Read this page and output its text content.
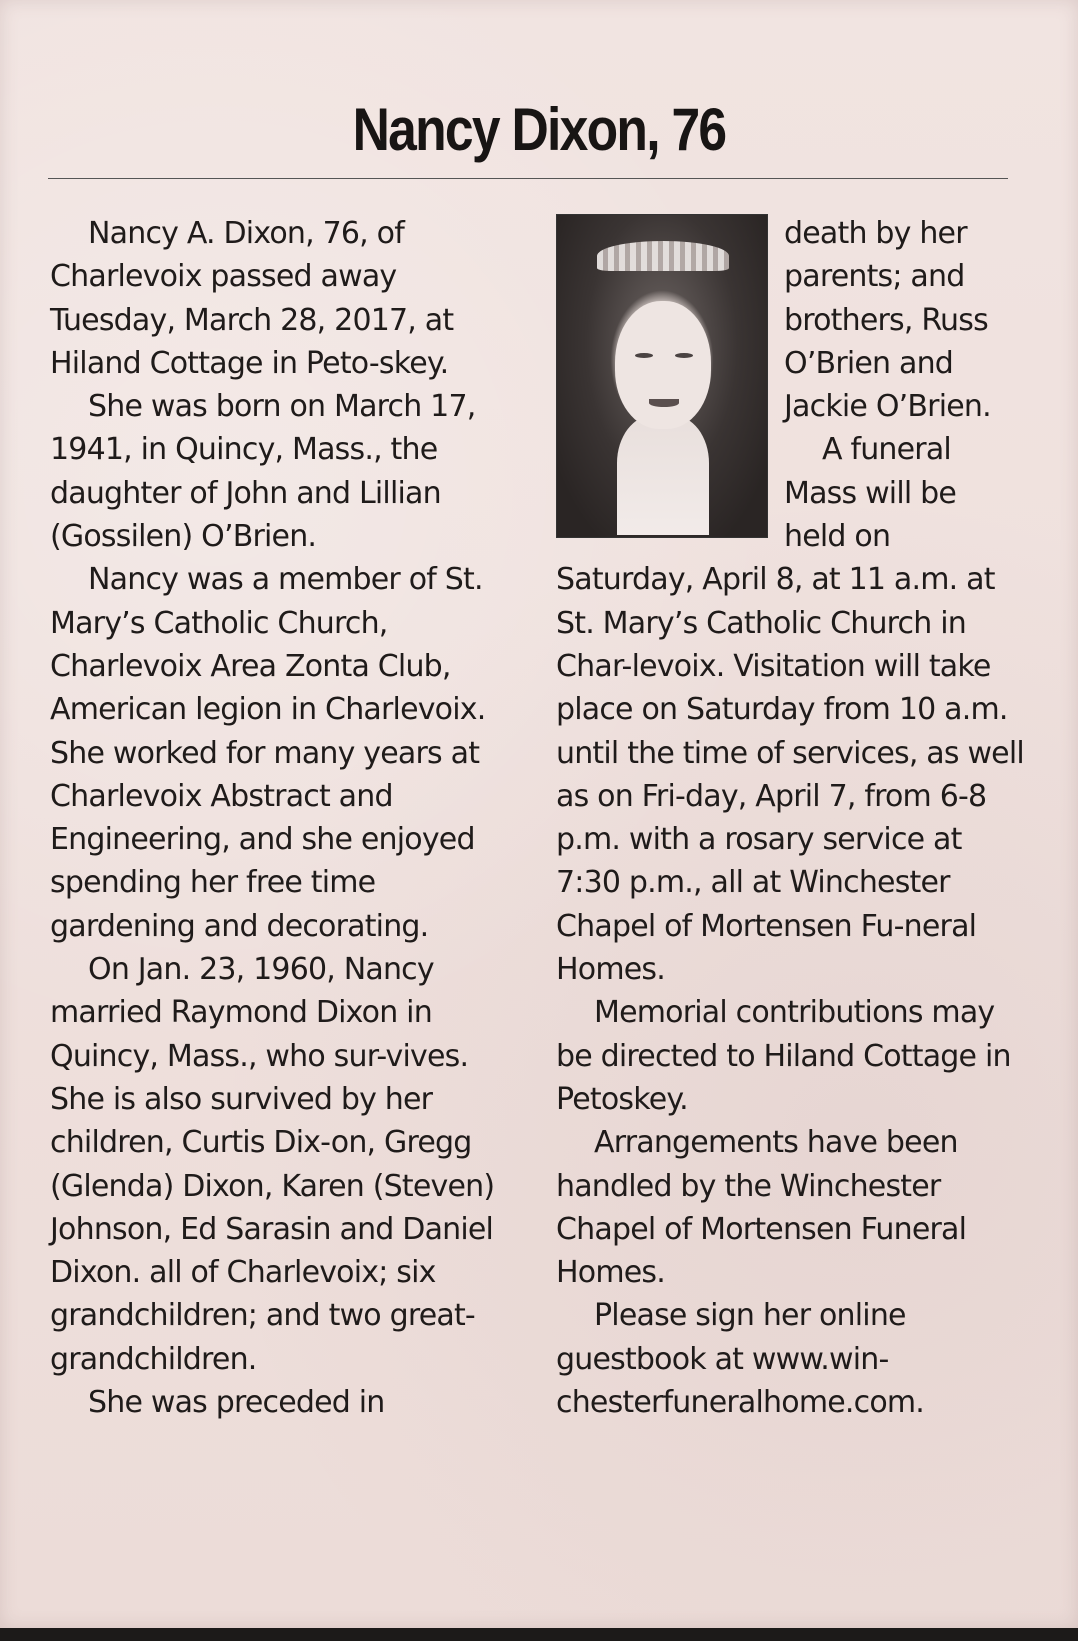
Nancy Dixon, 76

Nancy A. Dixon, 76, of Charlevoix passed away Tuesday, March 28, 2017, at Hiland Cottage in Peto-skey.

She was born on March 17, 1941, in Quincy, Mass., the daughter of John and Lillian (Gossilen) O’Brien.

Nancy was a member of St. Mary’s Catholic Church, Charlevoix Area Zonta Club, American legion in Charlevoix. She worked for many years at Charlevoix Abstract and Engineering, and she enjoyed spending her free time gardening and decorating.

On Jan. 23, 1960, Nancy married Raymond Dixon in Quincy, Mass., who sur-vives. She is also survived by her children, Curtis Dix-on, Gregg (Glenda) Dixon, Karen (Steven) Johnson, Ed Sarasin and Daniel Dixon. all of Charlevoix; six grandchildren; and two great-grandchildren.

She was preceded in

death by her parents; and brothers, Russ O’Brien and Jackie O’Brien.

A funeral Mass will be held on Saturday, April 8, at 11 a.m. at St. Mary’s Catholic Church in Char-levoix. Visitation will take place on Saturday from 10 a.m. until the time of services, as well as on Fri-day, April 7, from 6-8 p.m. with a rosary service at 7:30 p.m., all at Winchester Chapel of Mortensen Fu-neral Homes.

Memorial contributions may be directed to Hiland Cottage in Petoskey.

Arrangements have been handled by the Winchester Chapel of Mortensen Funeral Homes.

Please sign her online guestbook at www.win-chesterfuneralhome.com.
